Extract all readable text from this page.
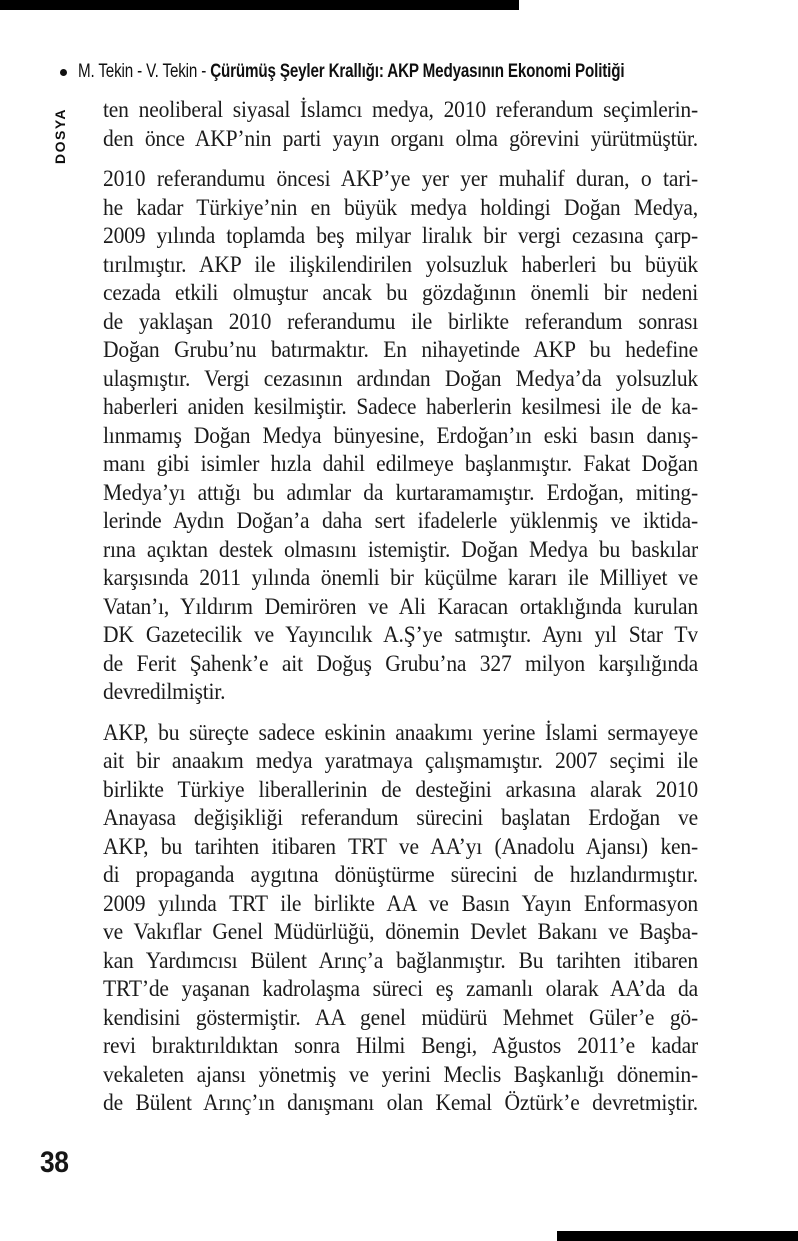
M. Tekin - V. Tekin - Çürümüş Şeyler Krallığı: AKP Medyasının Ekonomi Politiği
DOSYA ten neoliberal siyasal İslamcı medya, 2010 referandum seçimlerin-
den önce AKP’nin parti yayın organı olma görevini yürütmüştür.
2010 referandumu öncesi AKP’ye yer yer muhalif duran, o tari-
he kadar Türkiye’nin en büyük medya holdingi Doğan Medya,
2009 yılında toplamda beş milyar liralık bir vergi cezasına çarp-
tırılmıştır. AKP ile ilişkilendirilen yolsuzluk haberleri bu büyük
cezada etkili olmuştur ancak bu gözdağının önemli bir nedeni
de yaklaşan 2010 referandumu ile birlikte referandum sonrası
Doğan Grubu’nu batırmaktır. En nihayetinde AKP bu hedefine
ulaşmıştır. Vergi cezasının ardından Doğan Medya’da yolsuzluk
haberleri aniden kesilmiştir. Sadece haberlerin kesilmesi ile de ka-
lınmamış Doğan Medya bünyesine, Erdoğan’ın eski basın danış-
manı gibi isimler hızla dahil edilmeye başlanmıştır. Fakat Doğan
Medya’yı attığı bu adımlar da kurtaramamıştır. Erdoğan, miting-
lerinde Aydın Doğan’a daha sert ifadelerle yüklenmiş ve iktida-
rına açıktan destek olmasını istemiştir. Doğan Medya bu baskılar
karşısında 2011 yılında önemli bir küçülme kararı ile Milliyet ve
Vatan’ı, Yıldırım Demirören ve Ali Karacan ortaklığında kurulan
DK Gazetecilik ve Yayıncılık A.Ş’ye satmıştır. Aynı yıl Star Tv
de Ferit Şahenk’e ait Doğuş Grubu’na 327 milyon karşılığında
devredilmiştir.
AKP, bu süreçte sadece eskinin anaakımı yerine İslami sermayeye
ait bir anaakım medya yaratmaya çalışmamıştır. 2007 seçimi ile
birlikte Türkiye liberallerinin de desteğini arkasına alarak 2010
Anayasa değişikliği referandum sürecini başlatan Erdoğan ve
AKP, bu tarihten itibaren TRT ve AA’yı (Anadolu Ajansı) ken-
di propaganda aygıtına dönüştürme sürecini de hızlandırmıştır.
2009 yılında TRT ile birlikte AA ve Basın Yayın Enformasyon
ve Vakıflar Genel Müdürlüğü, dönemin Devlet Bakanı ve Başba-
kan Yardımcısı Bülent Arınç’a bağlanmıştır. Bu tarihten itibaren
TRT’de yaşanan kadrolaşma süreci eş zamanlı olarak AA’da da
kendisini göstermiştir. AA genel müdürü Mehmet Güler’e gö-
revi bıraktırıldıktan sonra Hilmi Bengi, Ağustos 2011’e kadar
vekaleten ajansı yönetmiş ve yerini Meclis Başkanlığı dönemin-
de Bülent Arınç’ın danışmanı olan Kemal Öztürk’e devretmiştir.
38
